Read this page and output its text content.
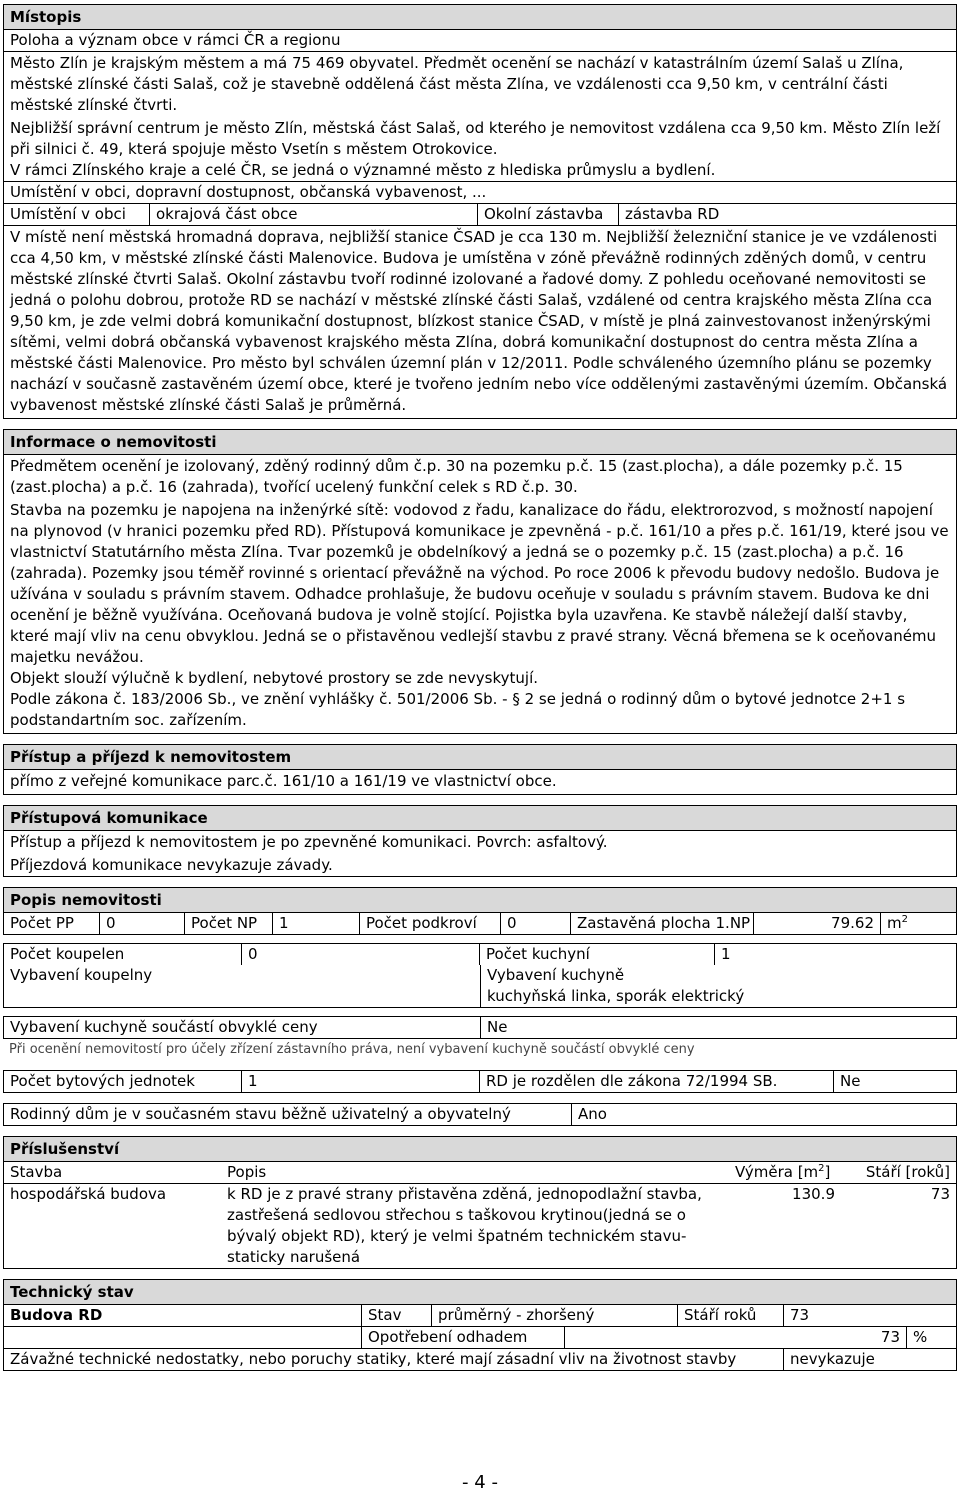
Místopis
Poloha a význam obce v rámci ČR a regionu
Město Zlín je krajským městem a má 75 469 obyvatel. Předmět ocenění se nachází v katastrálním území Salaš u Zlína, městské zlínské části Salaš, což je stavebně oddělená část města Zlína, ve vzdálenosti cca 9,50 km, v centrální části městské zlínské čtvrti.
Nejbližší správní centrum je město Zlín, městská část Salaš, od kterého je nemovitost vzdálena cca 9,50 km. Město Zlín leží při silnici č. 49, která spojuje město Vsetín s městem Otrokovice.
V rámci Zlínského kraje a celé ČR, se jedná o významné město z hlediska průmyslu a bydlení.
Umístění v obci, dopravní dostupnost, občanská vybavenost, ...
Umístění v obci	okrajová část obce	Okolní zástavba	zástavba RD
V místě není městská hromadná doprava, nejbližší stanice ČSAD je cca 130 m. Nejbližší železniční stanice je ve vzdálenosti cca 4,50 km, v městské zlínské části Malenovice. Budova je umístěna v zóně převážně rodinných zděných domů, v centru městské zlínské čtvrti Salaš. Okolní zástavbu tvoří rodinné izolované a řadové domy. Z pohledu oceňované nemovitosti se jedná o polohu dobrou, protože RD se nachází v městské zlínské části Salaš, vzdálené od centra krajského města Zlína cca 9,50 km, je zde velmi dobrá komunikační dostupnost, blízkost stanice ČSAD, v místě je plná zainvestovanost inženýrskými sítěmi, velmi dobrá občanská vybavenost krajského města Zlína, dobrá komunikační dostupnost do centra města Zlína a městské části Malenovice. Pro město byl schválen územní plán v 12/2011. Podle schváleného územního plánu se pozemky nachází v současně zastavěném území obce, které je tvořeno jedním nebo více oddělenými zastavěnými územím. Občanská vybavenost městské zlínské části Salaš je průměrná.
Informace o nemovitosti
Předmětem ocenění je izolovaný, zděný rodinný dům č.p. 30 na pozemku p.č. 15 (zast.plocha), a dále pozemky p.č. 15 (zast.plocha) a p.č. 16 (zahrada), tvořící ucelený funkční celek s RD č.p. 30.
Stavba na pozemku je napojena na inženýrké sítě: vodovod z řadu, kanalizace do řádu, elektrorozvod, s možností napojení na plynovod (v hranici pozemku před RD). Přístupová komunikace je zpevněná - p.č. 161/10 a přes p.č. 161/19, které jsou ve vlastnictví Statutárního města Zlína. Tvar pozemků je obdelníkový a jedná se o pozemky p.č. 15 (zast.plocha) a p.č. 16 (zahrada). Pozemky jsou téměř rovinné s orientací převážně na východ. Po roce 2006 k převodu budovy nedošlo. Budova je užívána v souladu s právním stavem. Odhadce prohlašuje, že budovu oceňuje v souladu s právním stavem. Budova ke dni ocenění je běžně využívána. Oceňovaná budova je volně stojící. Pojistka byla uzavřena. Ke stavbě náležejí další stavby, které mají vliv na cenu obvyklou. Jedná se o přistavěnou vedlejší stavbu z pravé strany. Věcná břemena se k oceňovanému majetku nevážou.
Objekt slouží výlučně k bydlení, nebytové prostory se zde nevyskytují.
Podle zákona č. 183/2006 Sb., ve znění vyhlášky č. 501/2006 Sb. - § 2 se jedná o rodinný dům o bytové jednotce 2+1 s podstandartním soc. zařízením.
Přístup a příjezd k nemovitostem
přímo z veřejné komunikace parc.č. 161/10 a 161/19 ve vlastnictví obce.
Přístupová komunikace
Přístup a příjezd k nemovitostem je po zpevněné komunikaci. Povrch: asfaltový.
Příjezdová komunikace nevykazuje závady.
Popis nemovitosti
Počet PP	0	Počet NP	1	Počet podkroví	0	Zastavěná plocha 1.NP	79.62 $m^2$
Počet koupelen	0	Počet kuchyní	1
Vybavení koupelny	Vybavení kuchyně
kuchyňská linka, sporák elektrický
Vybavení kuchyně součástí obvyklé ceny	Ne
Při ocenění nemovitostí pro účely zřízení zástavního práva, není vybavení kuchyně součástí obvyklé ceny
Počet bytových jednotek	1	RD je rozdělen dle zákona 72/1994 SB.	Ne
Rodinný dům je v současném stavu běžně uživatelný a obyvatelný	Ano
Příslušenství
Stavba	Popis	Výměra $[m^2]$	Stáří [roků]
hospodářská budova	k RD je z pravé strany přistavěna zděná, jednopodlažní stavba, zastřešená sedlovou střechou s taškovou krytinou(jedná se o bývalý objekt RD), který je velmi špatném technickém stavu- staticky narušená	130.9	73
Technický stav
Budova RD	Stav	průměrný - zhoršený	Stáří roků	73
Opotřebení odhadem	73 %
Závažné technické nedostatky, nebo poruchy statiky, které mají zásadní vliv na životnost stavby	nevykazuje
- 4 -
